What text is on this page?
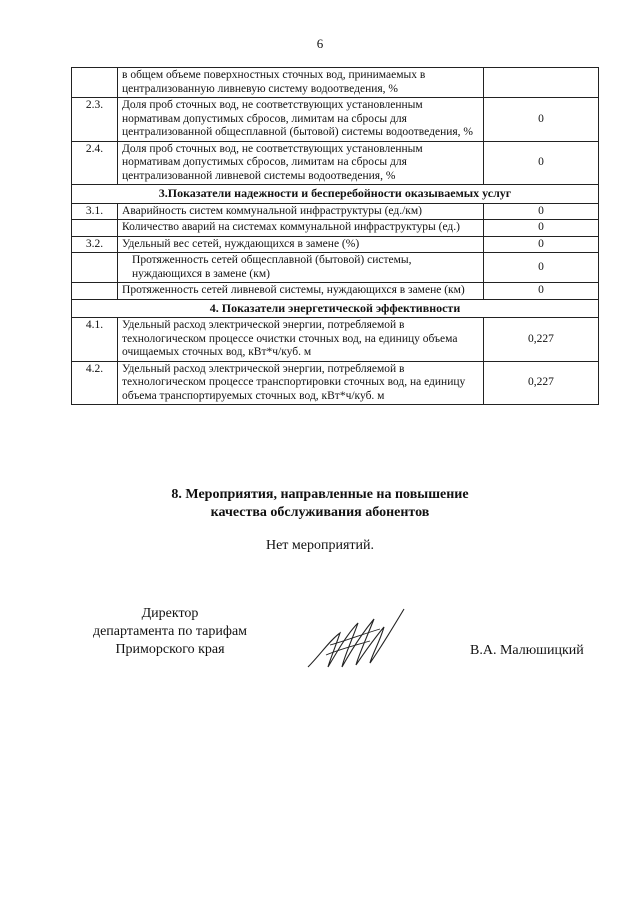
6
	в общем объеме поверхностных сточных вод, принимаемых в централизованную ливневую систему водоотведения, %	
2.3.	Доля проб сточных вод, не соответствующих установленным нормативам допустимых сбросов, лимитам на сбросы для централизованной общесплавной (бытовой) системы водоотведения, %	0
2.4.	Доля проб сточных вод, не соответствующих установленным нормативам допустимых сбросов, лимитам на сбросы для централизованной ливневой системы водоотведения, %	0
3.Показатели надежности и бесперебойности оказываемых услуг		
3.1.	Аварийность систем коммунальной инфраструктуры (ед./км)	0
	Количество аварий на системах коммунальной инфраструктуры (ед.)	0
3.2.	Удельный вес сетей, нуждающихся в замене (%)	0
	Протяженность сетей общесплавной (бытовой) системы, нуждающихся в замене (км)	0
	Протяженность сетей ливневой системы, нуждающихся в замене (км)	0
4. Показатели энергетической эффективности		
4.1.	Удельный расход электрической энергии, потребляемой в технологическом процессе очистки сточных вод, на единицу объема очищаемых сточных вод, кВт*ч/куб. м	0,227
4.2.	Удельный расход электрической энергии, потребляемой в технологическом процессе транспортировки сточных вод, на единицу объема транспортируемых сточных вод, кВт*ч/куб. м	0,227
8. Мероприятия, направленные на повышение
качества обслуживания абонентов
Нет мероприятий.
Директор
департамента по тарифам
Приморского края	В.А. Малюшицкий
